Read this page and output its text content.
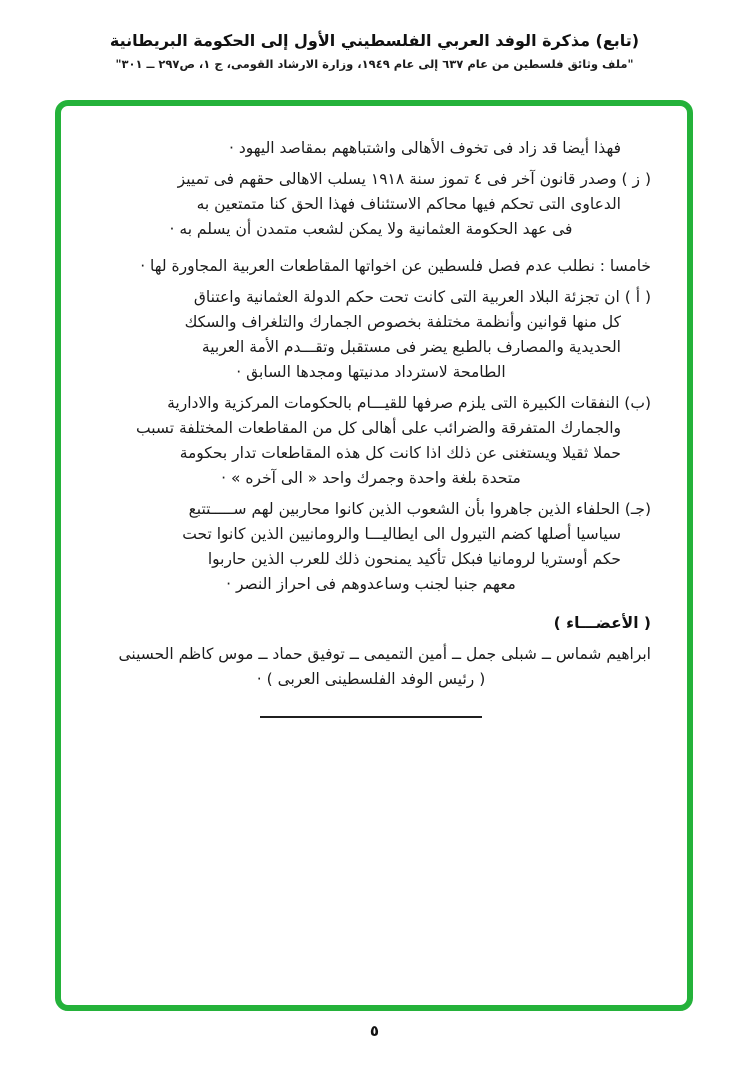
(تابع) مذكرة الوفد العربي الفلسطيني الأول إلى الحكومة البريطانية
"ملف وثائق فلسطين من عام ٦٣٧ إلى عام ١٩٤٩، وزارة الارشاد القومى، ج ١، ص٢٩٧ ــ ٣٠١"
فهذا أيضا قد زاد فى تخوف الأهالى واشتباههم بمقاصد اليهود ·
( ز ) وصدر قانون آخر فى ٤ تموز سنة ١٩١٨ يسلب الاهالى حقهم فى تمييز
الدعاوى التى تحكم فيها محاكم الاستئناف فهذا الحق كنا متمتعين به
فى عهد الحكومة العثمانية ولا يمكن لشعب متمدن أن يسلم به ·
خامسا : نطلب عدم فصل فلسطين عن اخواتها المقاطعات العربية المجاورة لها ·
( أ ) ان تجزئة البلاد العربية التى كانت تحت حكم الدولة العثمانية واعتناق
كل منها قوانين وأنظمة مختلفة بخصوص الجمارك والتلغراف والسكك
الحديدية والمصارف بالطبع يضر فى مستقبل وتقـــدم الأمة العربية
الطامحة لاسترداد مدنيتها ومجدها السابق ·
(ب) النفقات الكبيرة التى يلزم صرفها للقيـــام بالحكومات المركزية والادارية
والجمارك المتفرقة والضرائب على أهالى كل من المقاطعات المختلفة تسبب
حملا ثقيلا ويستغنى عن ذلك اذا كانت كل هذه المقاطعات تدار بحكومة
متحدة بلغة واحدة وجمرك واحد « الى آخره » ·
(جـ) الحلفاء الذين جاهروا بأن الشعوب الذين كانوا محاربين لهم ســـــتتبع
سياسيا أصلها كضم التيرول الى ايطاليـــا والرومانيين الذين كانوا تحت
حكم أوستريا لرومانيا فبكل تأكيد يمنحون ذلك للعرب الذين حاربوا
معهم جنبا لجنب وساعدوهم فى احراز النصر ·
( الأعضـــاء )
ابراهيم شماس ــ شبلى جمل ــ أمين التميمى ــ توفيق حماد ــ موس كاظم الحسينى
( رئيس الوفد الفلسطينى العربى ) ·
٥
